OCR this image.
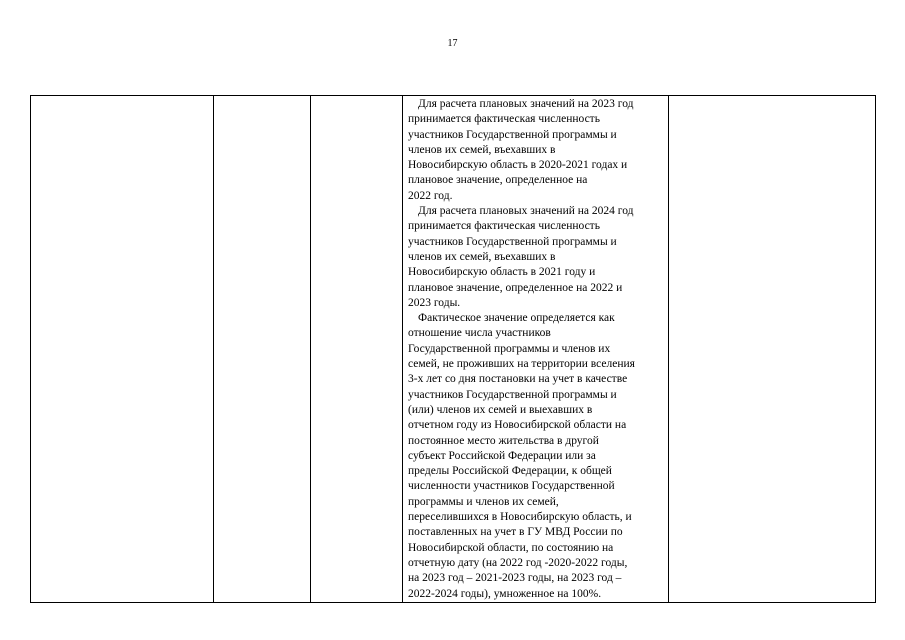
17

Для расчета плановых значений на 2023 год

принимается фактическая численность

участников Государственной программы и

членов их семей, въехавших в

Новосибирскую область в 2020-2021 годах и

плановое значение, определенное на

2022 год.

Для расчета плановых значений на 2024 год

принимается фактическая численность

участников Государственной программы и

членов их семей, въехавших в

Новосибирскую область в 2021 году и

плановое значение, определенное на 2022 и

2023 годы.

Фактическое значение определяется как

отношение числа участников

Государственной программы и членов их

семей, не проживших на территории вселения

3-х лет со дня постановки на учет в качестве

участников Государственной программы и

(или) членов их семей и выехавших в

отчетном году из Новосибирской области на

постоянное место жительства в другой

субъект Российской Федерации или за

пределы Российской Федерации, к общей

численности участников Государственной

программы и членов их семей,

переселившихся в Новосибирскую область, и

поставленных на учет в ГУ МВД России по

Новосибирской области, по состоянию на

отчетную дату (на 2022 год -2020-2022 годы,

на 2023 год – 2021-2023 годы, на 2023 год –

2022-2024 годы), умноженное на 100%.
